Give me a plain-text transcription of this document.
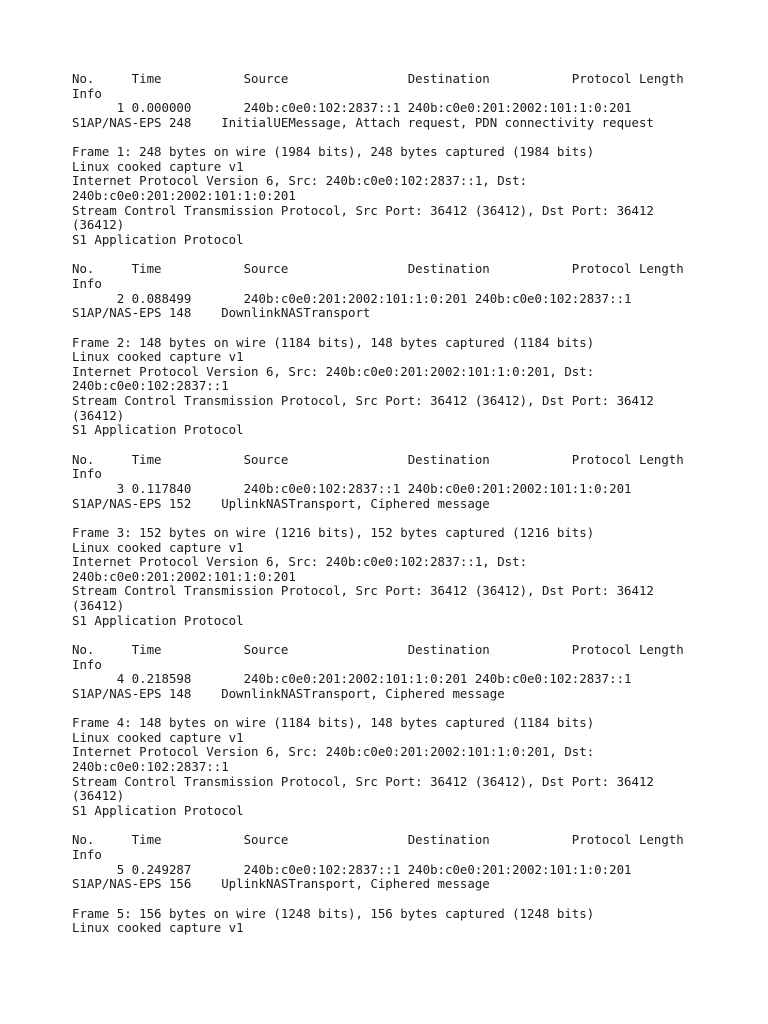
No.     Time           Source                Destination           Protocol Length
Info
1 0.000000       240b:c0e0:102:2837::1 240b:c0e0:201:2002:101:1:0:201
S1AP/NAS-EPS 248    InitialUEMessage, Attach request, PDN connectivity request
Frame 1: 248 bytes on wire (1984 bits), 248 bytes captured (1984 bits)
Linux cooked capture v1
Internet Protocol Version 6, Src: 240b:c0e0:102:2837::1, Dst:
240b:c0e0:201:2002:101:1:0:201
Stream Control Transmission Protocol, Src Port: 36412 (36412), Dst Port: 36412
(36412)
S1 Application Protocol
No.     Time           Source                Destination           Protocol Length
Info
2 0.088499       240b:c0e0:201:2002:101:1:0:201 240b:c0e0:102:2837::1
S1AP/NAS-EPS 148    DownlinkNASTransport
Frame 2: 148 bytes on wire (1184 bits), 148 bytes captured (1184 bits)
Linux cooked capture v1
Internet Protocol Version 6, Src: 240b:c0e0:201:2002:101:1:0:201, Dst:
240b:c0e0:102:2837::1
Stream Control Transmission Protocol, Src Port: 36412 (36412), Dst Port: 36412
(36412)
S1 Application Protocol
No.     Time           Source                Destination           Protocol Length
Info
3 0.117840       240b:c0e0:102:2837::1 240b:c0e0:201:2002:101:1:0:201
S1AP/NAS-EPS 152    UplinkNASTransport, Ciphered message
Frame 3: 152 bytes on wire (1216 bits), 152 bytes captured (1216 bits)
Linux cooked capture v1
Internet Protocol Version 6, Src: 240b:c0e0:102:2837::1, Dst:
240b:c0e0:201:2002:101:1:0:201
Stream Control Transmission Protocol, Src Port: 36412 (36412), Dst Port: 36412
(36412)
S1 Application Protocol
No.     Time           Source                Destination           Protocol Length
Info
4 0.218598       240b:c0e0:201:2002:101:1:0:201 240b:c0e0:102:2837::1
S1AP/NAS-EPS 148    DownlinkNASTransport, Ciphered message
Frame 4: 148 bytes on wire (1184 bits), 148 bytes captured (1184 bits)
Linux cooked capture v1
Internet Protocol Version 6, Src: 240b:c0e0:201:2002:101:1:0:201, Dst:
240b:c0e0:102:2837::1
Stream Control Transmission Protocol, Src Port: 36412 (36412), Dst Port: 36412
(36412)
S1 Application Protocol
No.     Time           Source                Destination           Protocol Length
Info
5 0.249287       240b:c0e0:102:2837::1 240b:c0e0:201:2002:101:1:0:201
S1AP/NAS-EPS 156    UplinkNASTransport, Ciphered message
Frame 5: 156 bytes on wire (1248 bits), 156 bytes captured (1248 bits)
Linux cooked capture v1
